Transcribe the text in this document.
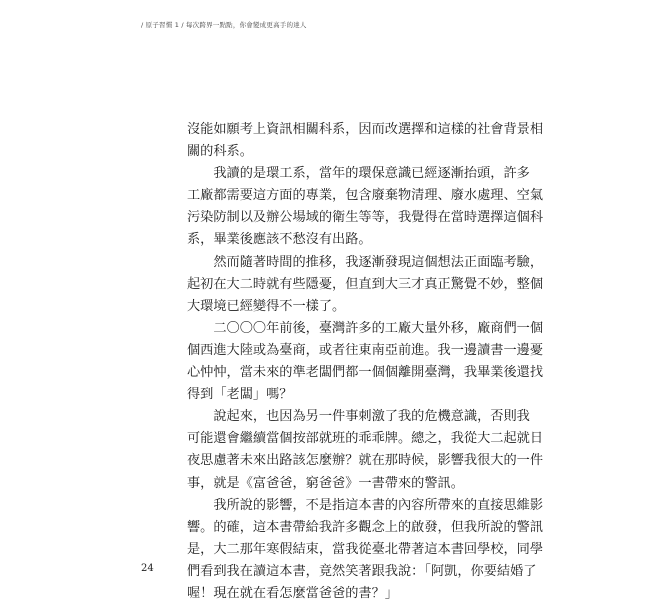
/ 原子習慣 1 / 每次跨界一點點，你會變成更高手的達人
沒能如願考上資訊相關科系，因而改選擇和這樣的社會背景相
關的科系。
　　我讀的是環工系，當年的環保意識已經逐漸抬頭，許多
工廠都需要這方面的專業，包含廢棄物清理、廢水處理、空氣
污染防制以及辦公場域的衛生等等，我覺得在當時選擇這個科
系，畢業後應該不愁沒有出路。
　　然而隨著時間的推移，我逐漸發現這個想法正面臨考驗，
起初在大二時就有些隱憂，但直到大三才真正驚覺不妙，整個
大環境已經變得不一樣了。
　　二〇〇〇年前後，臺灣許多的工廠大量外移，廠商們一個
個西進大陸或為臺商，或者往東南亞前進。我一邊讀書一邊憂
心忡忡，當未來的準老闆們都一個個離開臺灣，我畢業後還找
得到「老闆」嗎？
　　說起來，也因為另一件事刺激了我的危機意識，否則我
可能還會繼續當個按部就班的乖乖牌。總之，我從大二起就日
夜思慮著未來出路該怎麼辦？就在那時候，影響我很大的一件
事，就是《富爸爸，窮爸爸》一書帶來的警訊。
　　我所說的影響，不是指這本書的內容所帶來的直接思維影
響。的確，這本書帶給我許多觀念上的啟發，但我所說的警訊
是，大二那年寒假結束，當我從臺北帶著這本書回學校，同學
們看到我在讀這本書，竟然笑著跟我說：「阿凱，你要結婚了
喔！現在就在看怎麼當爸爸的書？」
24
